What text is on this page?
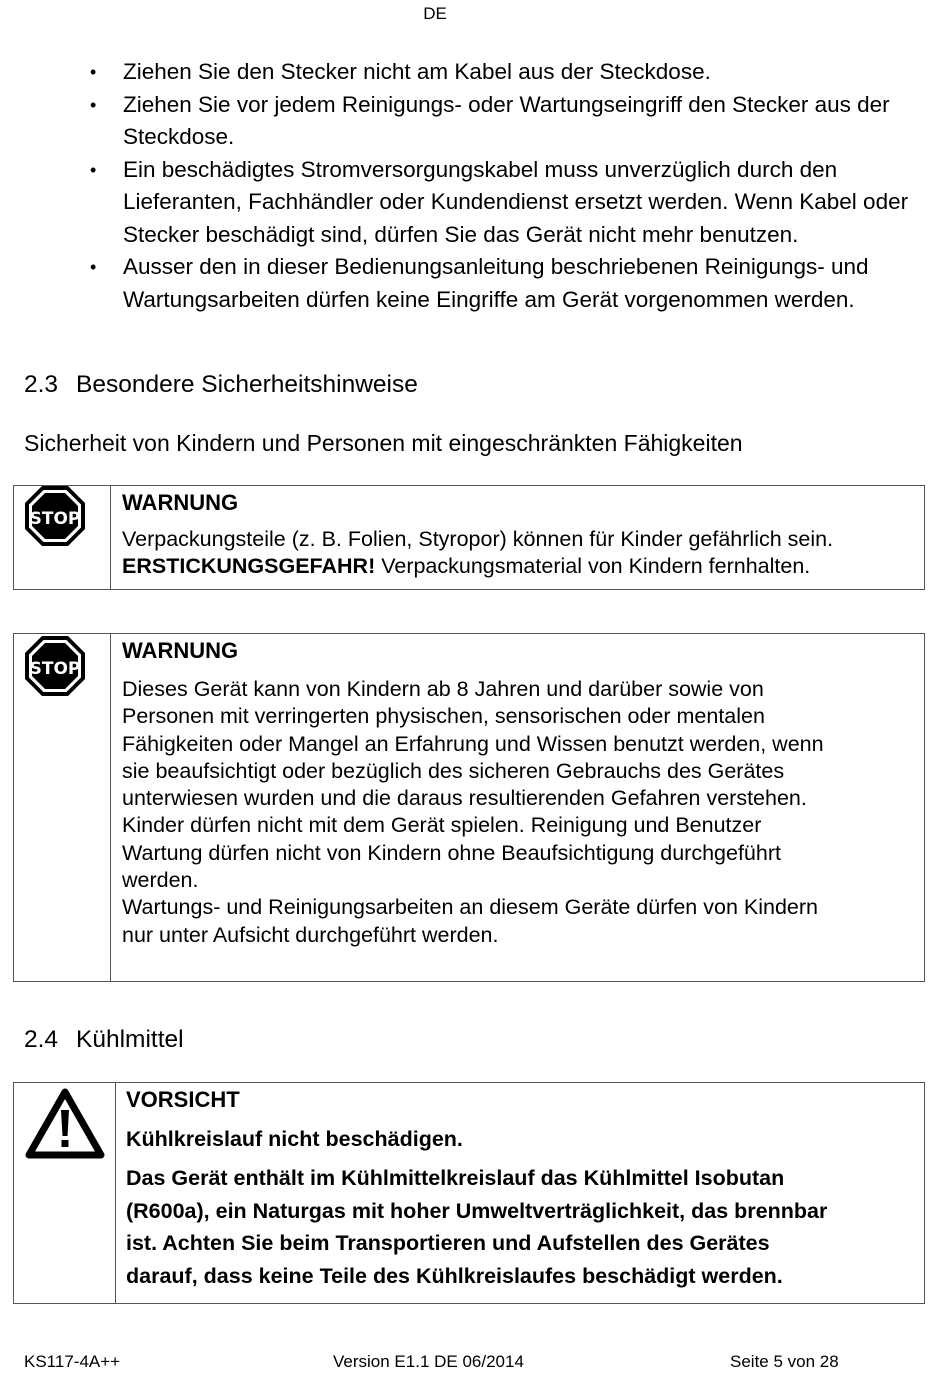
DE
• Ziehen Sie den Stecker nicht am Kabel aus der Steckdose.
• Ziehen Sie vor jedem Reinigungs- oder Wartungseingriff den Stecker aus der Steckdose.
• Ein beschädigtes Stromversorgungskabel muss unverzüglich durch den Lieferanten, Fachhändler oder Kundendienst ersetzt werden. Wenn Kabel oder Stecker beschädigt sind, dürfen Sie das Gerät nicht mehr benutzen.
• Ausser den in dieser Bedienungsanleitung beschriebenen Reinigungs- und Wartungsarbeiten dürfen keine Eingriffe am Gerät vorgenommen werden.
2.3 Besondere Sicherheitshinweise
Sicherheit von Kindern und Personen mit eingeschränkten Fähigkeiten
STOP
WARNUNG
Verpackungsteile (z. B. Folien, Styropor) können für Kinder gefährlich sein.
ERSTICKUNGSGEFAHR! Verpackungsmaterial von Kindern fernhalten.
STOP
WARNUNG
Dieses Gerät kann von Kindern ab 8 Jahren und darüber sowie von
Personen mit verringerten physischen, sensorischen oder mentalen
Fähigkeiten oder Mangel an Erfahrung und Wissen benutzt werden, wenn
sie beaufsichtigt oder bezüglich des sicheren Gebrauchs des Gerätes
unterwiesen wurden und die daraus resultierenden Gefahren verstehen.
Kinder dürfen nicht mit dem Gerät spielen. Reinigung und Benutzer
Wartung dürfen nicht von Kindern ohne Beaufsichtigung durchgeführt
werden.
Wartungs- und Reinigungsarbeiten an diesem Geräte dürfen von Kindern
nur unter Aufsicht durchgeführt werden.
2.4 Kühlmittel
VORSICHT
Kühlkreislauf nicht beschädigen.
Das Gerät enthält im Kühlmittelkreislauf das Kühlmittel Isobutan
(R600a), ein Naturgas mit hoher Umweltverträglichkeit, das brennbar
ist. Achten Sie beim Transportieren und Aufstellen des Gerätes
darauf, dass keine Teile des Kühlkreislaufes beschädigt werden.
KS117-4A++	Version E1.1 DE 06/2014	Seite 5 von 28
